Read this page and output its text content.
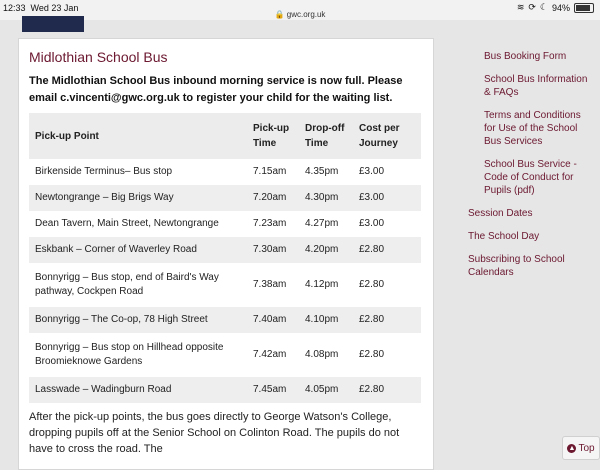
12:33 Wed 23 Jan
🔒 gwc.org.uk
≋ ⟳ ☾ 94%
Midlothian School Bus
The Midlothian School Bus inbound morning service is now full. Please email c.vincenti@gwc.org.uk to register your child for the waiting list.
Pick-up Point	Pick-up Time	Drop-off Time	Cost per Journey
Birkenside Terminus– Bus stop	7.15am	4.35pm	£3.00
Newtongrange – Big Brigs Way	7.20am	4.30pm	£3.00
Dean Tavern, Main Street, Newtongrange	7.23am	4.27pm	£3.00
Eskbank – Corner of Waverley Road	7.30am	4.20pm	£2.80
Bonnyrigg – Bus stop, end of Baird's Way pathway, Cockpen Road	7.38am	4.12pm	£2.80
Bonnyrigg – The Co-op, 78 High Street	7.40am	4.10pm	£2.80
Bonnyrigg – Bus stop on Hillhead opposite Broomieknowe Gardens	7.42am	4.08pm	£2.80
Lasswade – Wadingburn Road	7.45am	4.05pm	£2.80
After the pick-up points, the bus goes directly to George Watson's College, dropping pupils off at the Senior School on Colinton Road. The pupils do not have to cross the road. The
Bus Booking Form
School Bus Information & FAQs
Terms and Conditions for Use of the School Bus Services
School Bus Service - Code of Conduct for Pupils (pdf)
Session Dates
The School Day
Subscribing to School Calendars
▲ Top
